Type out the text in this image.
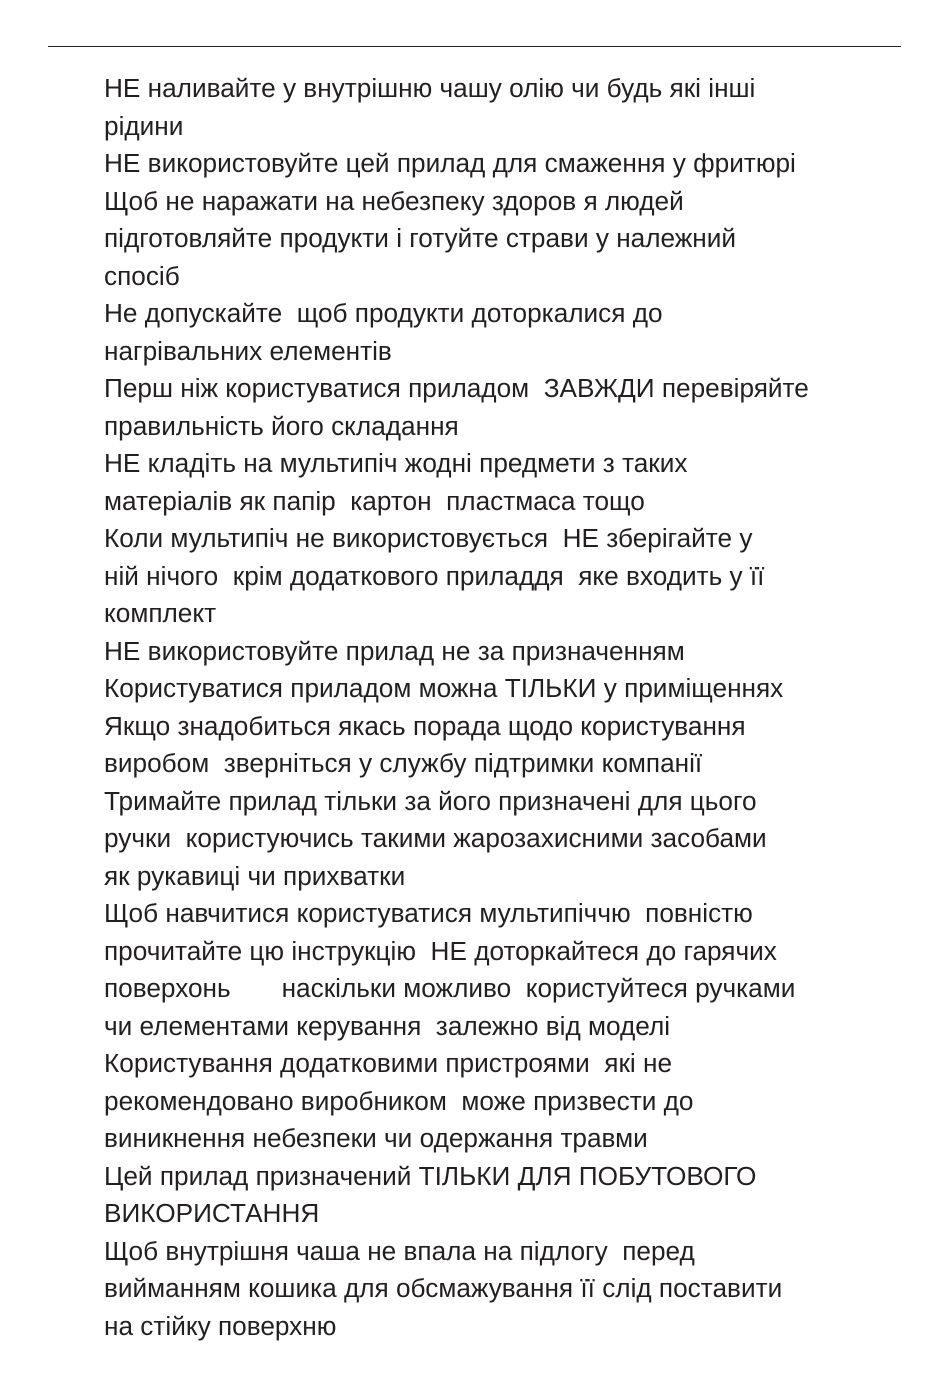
НЕ наливайте у внутрішню чашу олію чи будь які інші
рідини
НЕ використовуйте цей прилад для смаження у фритюрі
Щоб не наражати на небезпеку здоров я людей
підготовляйте продукти і готуйте страви у належний
спосіб
Не допускайте  щоб продукти доторкалися до
нагрівальних елементів
Перш ніж користуватися приладом  ЗАВЖДИ перевіряйте
правильність його складання
НЕ кладіть на мультипіч жодні предмети з таких
матеріалів як папір  картон  пластмаса тощо
Коли мультипіч не використовується  НЕ зберігайте у
ній нічого  крім додаткового приладдя  яке входить у її
комплект
НЕ використовуйте прилад не за призначенням
Користуватися приладом можна ТІЛЬКИ у приміщеннях
Якщо знадобиться якась порада щодо користування
виробом  зверніться у службу підтримки компанії
Тримайте прилад тільки за його призначені для цього
ручки  користуючись такими жарозахисними засобами
як рукавиці чи прихватки
Щоб навчитися користуватися мультипіччю  повністю
прочитайте цю інструкцію  НЕ доторкайтеся до гарячих
поверхонь       наскільки можливо  користуйтеся ручками
чи елементами керування  залежно від моделі
Користування додатковими пристроями  які не
рекомендовано виробником  може призвести до
виникнення небезпеки чи одержання травми
Цей прилад призначений ТІЛЬКИ ДЛЯ ПОБУТОВОГО
ВИКОРИСТАННЯ
Щоб внутрішня чаша не впала на підлогу  перед
вийманням кошика для обсмажування її слід поставити
на стійку поверхню
